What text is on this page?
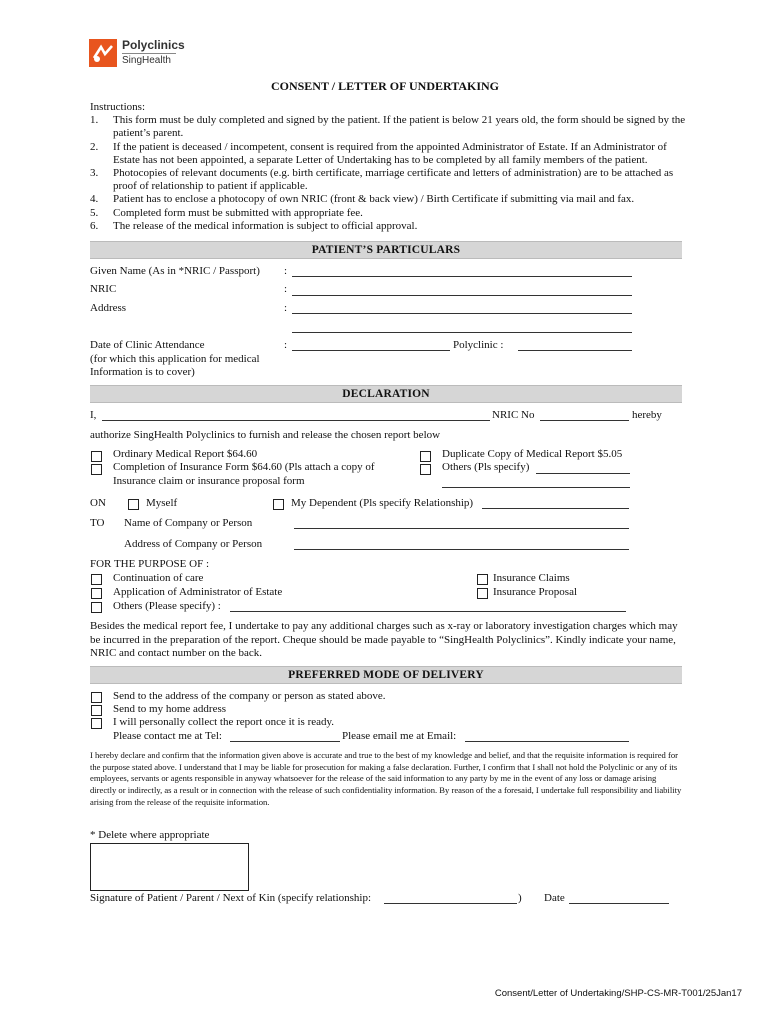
Polyclinics
SingHealth
CONSENT / LETTER OF UNDERTAKING
Instructions:
1.	This form must be duly completed and signed by the patient. If the patient is below 21 years old, the form should be signed by the patient’s parent.
2.	If the patient is deceased / incompetent, consent is required from the appointed Administrator of Estate. If an Administrator of Estate has not been appointed, a separate Letter of Undertaking has to be completed by all family members of the patient.
3.	Photocopies of relevant documents (e.g. birth certificate, marriage certificate and letters of administration) are to be attached as proof of relationship to patient if applicable.
4.	Patient has to enclose a photocopy of own NRIC (front & back view) / Birth Certificate if submitting via mail and fax.
5.	Completed form must be submitted with appropriate fee.
6.	The release of the medical information is subject to official approval.
PATIENT’S PARTICULARS
Given Name (As in *NRIC / Passport) :
NRIC	:
Address	:
Date of Clinic Attendance
(for which this application for medical
Information is to cover)
:	Polyclinic :
DECLARATION
I,	NRIC No	hereby
authorize SingHealth Polyclinics to furnish and release the chosen report below
Ordinary Medical Report $64.60
Completion of Insurance Form $64.60 (Pls attach a copy of
Insurance claim or insurance proposal form
Duplicate Copy of Medical Report $5.05
Others (Pls specify)
ON	Myself	My Dependent (Pls specify Relationship)
TO Name of Company or Person
Address of Company or Person
FOR THE PURPOSE OF :
Continuation of care
Application of Administrator of Estate
Others (Please specify) :
Insurance Claims
Insurance Proposal
Besides the medical report fee, I undertake to pay any additional charges such as x-ray or laboratory investigation charges which may be incurred in the preparation of the report. Cheque should be made payable to “SingHealth Polyclinics”. Kindly indicate your name, NRIC and contact number on the back.
PREFERRED MODE OF DELIVERY
Send to the address of the company or person as stated above.
Send to my home address
I will personally collect the report once it is ready.
Please contact me at Tel:	Please email me at Email:
I hereby declare and confirm that the information given above is accurate and true to the best of my knowledge and belief, and that the requisite information is required for the purpose stated above. I understand that I may be liable for prosecution for making a false declaration. Further, I confirm that I shall not hold the Polyclinic or any of its employees, servants or agents responsible in anyway whatsoever for the release of the said information to any party by me in the event of any loss or damage arising directly or indirectly, as a result or in connection with the release of such confidentiality information. By reason of the a foresaid, I undertake full responsibility and liability arising from the release of the requisite information.
* Delete where appropriate
Signature of Patient / Parent / Next of Kin (specify relationship:	) Date
Consent/Letter of Undertaking/SHP-CS-MR-T001/25Jan17
